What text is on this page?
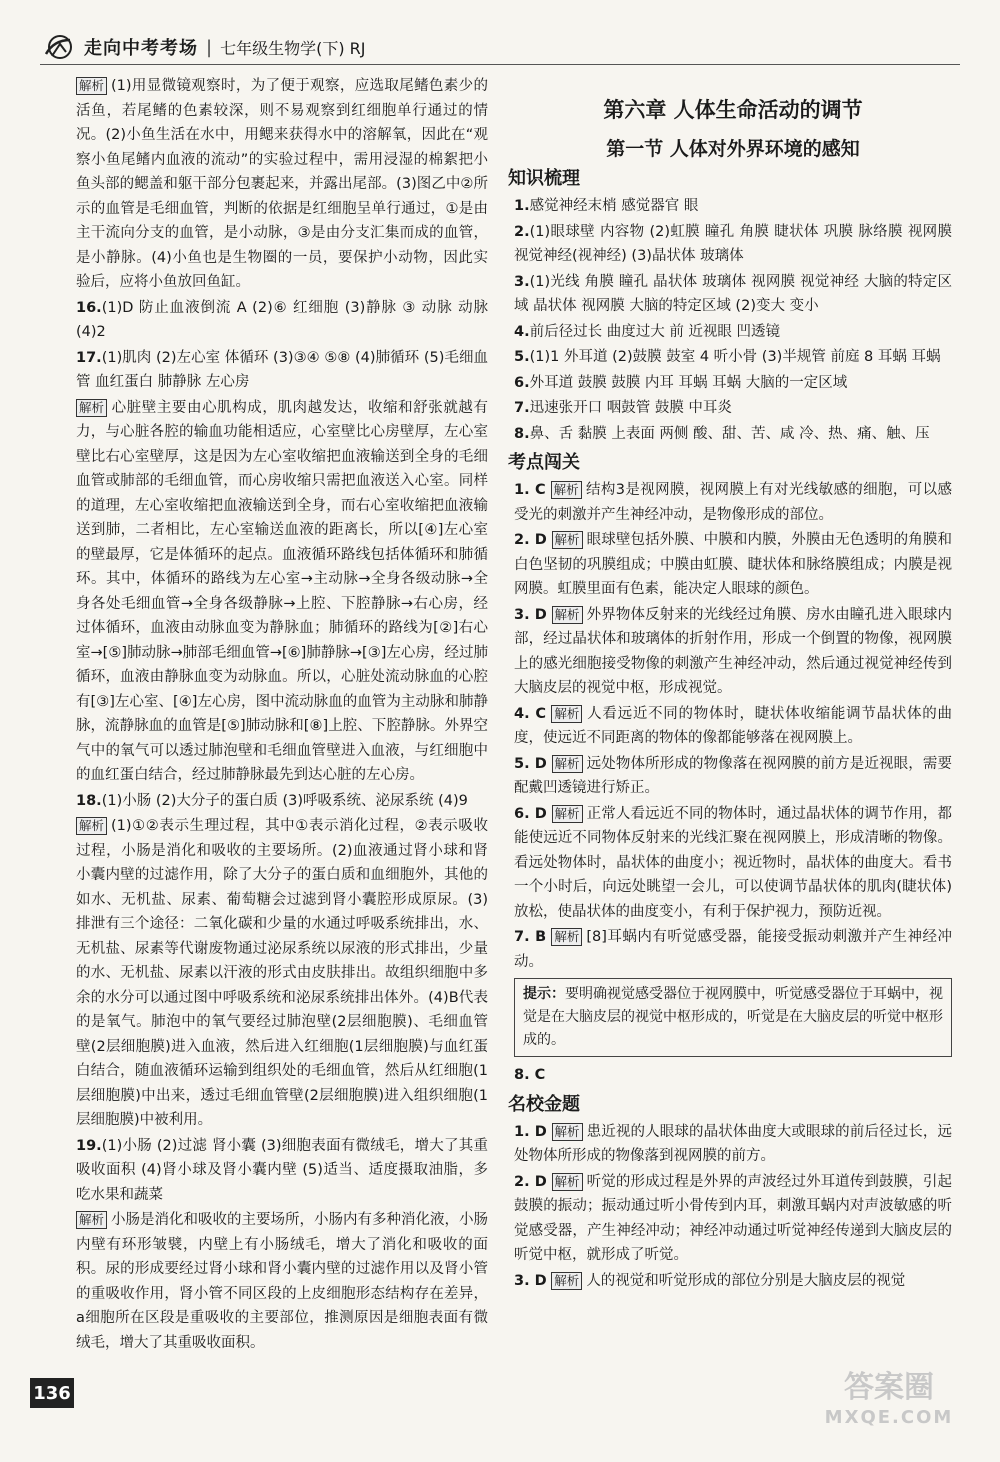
走向中考考场 | 七年级生物学(下) RJ

解析 (1)用显微镜观察时，为了便于观察，应选取尾鳍色素少的活鱼，若尾鳍的色素较深，则不易观察到红细胞单行通过的情况。(2)小鱼生活在水中，用鳃来获得水中的溶解氧，因此在“观察小鱼尾鳍内血液的流动”的实验过程中，需用浸湿的棉絮把小鱼头部的鳃盖和躯干部分包裹起来，并露出尾部。(3)图乙中②所示的血管是毛细血管，判断的依据是红细胞呈单行通过，①是由主干流向分支的血管，是小动脉，③是由分支汇集而成的血管，是小静脉。(4)小鱼也是生物圈的一员，要保护小动物，因此实验后，应将小鱼放回鱼缸。

16.(1)D 防止血液倒流 A (2)⑥ 红细胞 (3)静脉 ③ 动脉 动脉 (4)2

17.(1)肌肉 (2)左心室 体循环 (3)③④ ⑤⑧ (4)肺循环 (5)毛细血管 血红蛋白 肺静脉 左心房

解析 心脏壁主要由心肌构成，肌肉越发达，收缩和舒张就越有力，与心脏各腔的输血功能相适应，心室壁比心房壁厚，左心室壁比右心室壁厚，这是因为左心室收缩把血液输送到全身的毛细血管或肺部的毛细血管，而心房收缩只需把血液送入心室。同样的道理，左心室收缩把血液输送到全身，而右心室收缩把血液输送到肺，二者相比，左心室输送血液的距离长，所以[④]左心室的壁最厚，它是体循环的起点。血液循环路线包括体循环和肺循环。其中，体循环的路线为左心室→主动脉→全身各级动脉→全身各处毛细血管→全身各级静脉→上腔、下腔静脉→右心房，经过体循环，血液由动脉血变为静脉血；肺循环的路线为[②]右心室→[⑤]肺动脉→肺部毛细血管→[⑥]肺静脉→[③]左心房，经过肺循环，血液由静脉血变为动脉血。所以，心脏处流动脉血的心腔有[③]左心室、[④]左心房，图中流动脉血的血管为主动脉和肺静脉，流静脉血的血管是[⑤]肺动脉和[⑧]上腔、下腔静脉。外界空气中的氧气可以透过肺泡壁和毛细血管壁进入血液，与红细胞中的血红蛋白结合，经过肺静脉最先到达心脏的左心房。

18.(1)小肠 (2)大分子的蛋白质 (3)呼吸系统、泌尿系统 (4)9

解析 (1)①②表示生理过程，其中①表示消化过程，②表示吸收过程，小肠是消化和吸收的主要场所。(2)血液通过肾小球和肾小囊内壁的过滤作用，除了大分子的蛋白质和血细胞外，其他的如水、无机盐、尿素、葡萄糖会过滤到肾小囊腔形成原尿。(3)排泄有三个途径：二氧化碳和少量的水通过呼吸系统排出，水、无机盐、尿素等代谢废物通过泌尿系统以尿液的形式排出，少量的水、无机盐、尿素以汗液的形式由皮肤排出。故组织细胞中多余的水分可以通过图中呼吸系统和泌尿系统排出体外。(4)B代表的是氧气。肺泡中的氧气要经过肺泡壁(2层细胞膜)、毛细血管壁(2层细胞膜)进入血液，然后进入红细胞(1层细胞膜)与血红蛋白结合，随血液循环运输到组织处的毛细血管，然后从红细胞(1层细胞膜)中出来，透过毛细血管壁(2层细胞膜)进入组织细胞(1层细胞膜)中被利用。

19.(1)小肠 (2)过滤 肾小囊 (3)细胞表面有微绒毛，增大了其重吸收面积 (4)肾小球及肾小囊内壁 (5)适当、适度摄取油脂，多吃水果和蔬菜

解析 小肠是消化和吸收的主要场所，小肠内有多种消化液，小肠内壁有环形皱襞，内壁上有小肠绒毛，增大了消化和吸收的面积。尿的形成要经过肾小球和肾小囊内壁的过滤作用以及肾小管的重吸收作用，肾小管不同区段的上皮细胞形态结构存在差异，a细胞所在区段是重吸收的主要部位，推测原因是细胞表面有微绒毛，增大了其重吸收面积。

第六章 人体生命活动的调节
第一节 人体对外界环境的感知
知识梳理

1.感觉神经末梢 感觉器官 眼

2.(1)眼球壁 内容物 (2)虹膜 瞳孔 角膜 睫状体 巩膜 脉络膜 视网膜 视觉神经(视神经) (3)晶状体 玻璃体

3.(1)光线 角膜 瞳孔 晶状体 玻璃体 视网膜 视觉神经 大脑的特定区域 晶状体 视网膜 大脑的特定区域 (2)变大 变小

4.前后径过长 曲度过大 前 近视眼 凹透镜

5.(1)1 外耳道 (2)鼓膜 鼓室 4 听小骨 (3)半规管 前庭 8 耳蜗 耳蜗

6.外耳道 鼓膜 鼓膜 内耳 耳蜗 耳蜗 大脑的一定区域

7.迅速张开口 咽鼓管 鼓膜 中耳炎

8.鼻、舌 黏膜 上表面 两侧 酸、甜、苦、咸 冷、热、痛、触、压

考点闯关

1. C 解析 结构3是视网膜，视网膜上有对光线敏感的细胞，可以感受光的刺激并产生神经冲动，是物像形成的部位。

2. D 解析 眼球壁包括外膜、中膜和内膜，外膜由无色透明的角膜和白色坚韧的巩膜组成；中膜由虹膜、睫状体和脉络膜组成；内膜是视网膜。虹膜里面有色素，能决定人眼球的颜色。

3. D 解析 外界物体反射来的光线经过角膜、房水由瞳孔进入眼球内部，经过晶状体和玻璃体的折射作用，形成一个倒置的物像，视网膜上的感光细胞接受物像的刺激产生神经冲动，然后通过视觉神经传到大脑皮层的视觉中枢，形成视觉。

4. C 解析 人看远近不同的物体时，睫状体收缩能调节晶状体的曲度，使远近不同距离的物体的像都能够落在视网膜上。

5. D 解析 远处物体所形成的物像落在视网膜的前方是近视眼，需要配戴凹透镜进行矫正。

6. D 解析 正常人看远近不同的物体时，通过晶状体的调节作用，都能使远近不同物体反射来的光线汇聚在视网膜上，形成清晰的物像。看远处物体时，晶状体的曲度小；视近物时，晶状体的曲度大。看书一个小时后，向远处眺望一会儿，可以使调节晶状体的肌肉(睫状体)放松，使晶状体的曲度变小，有利于保护视力，预防近视。

7. B 解析 [8]耳蜗内有听觉感受器，能接受振动刺激并产生神经冲动。

提示：要明确视觉感受器位于视网膜中，听觉感受器位于耳蜗中，视觉是在大脑皮层的视觉中枢形成的，听觉是在大脑皮层的听觉中枢形成的。

8. C

名校金题

1. D 解析 患近视的人眼球的晶状体曲度大或眼球的前后径过长，远处物体所形成的物像落到视网膜的前方。

2. D 解析 听觉的形成过程是外界的声波经过外耳道传到鼓膜，引起鼓膜的振动；振动通过听小骨传到内耳，刺激耳蜗内对声波敏感的听觉感受器，产生神经冲动；神经冲动通过听觉神经传递到大脑皮层的听觉中枢，就形成了听觉。

3. D 解析 人的视觉和听觉形成的部位分别是大脑皮层的视觉

136	答案圈
MXQE.COM
